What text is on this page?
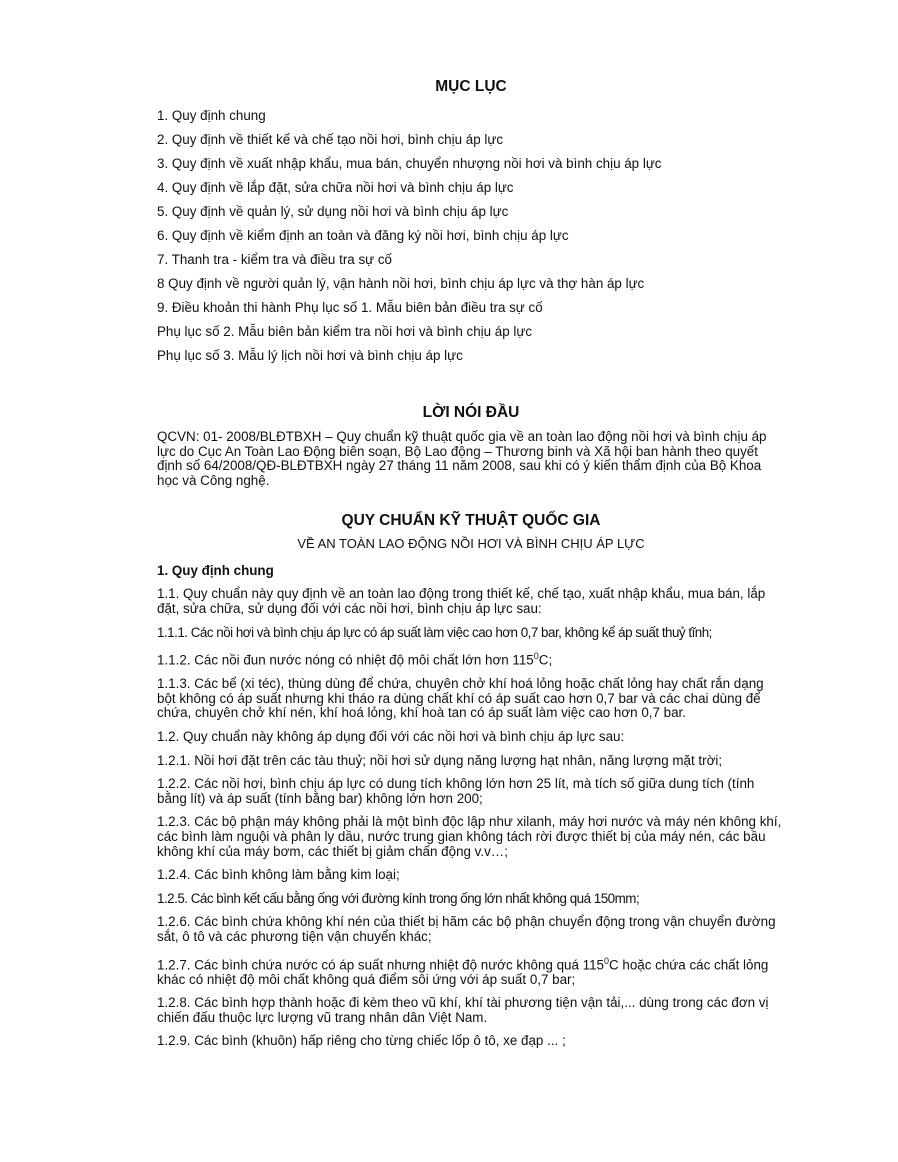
MỤC LỤC
1. Quy định chung
2. Quy định về thiết kế và chế tạo nồi hơi, bình chịu áp lực
3. Quy định về xuất nhập khẩu, mua bán, chuyển nhượng nồi hơi và bình chịu áp lực
4. Quy định về lắp đặt, sửa chữa nồi hơi và bình chịu áp lực
5. Quy định về quản lý, sử dụng nồi hơi và bình chịu áp lực
6. Quy định về kiểm định an toàn và đăng ký nồi hơi, bình chịu áp lực
7. Thanh tra - kiểm tra và điều tra sự cố
8 Quy định về người quản lý, vận hành nồi hơi, bình chịu áp lực và thợ hàn áp lực
9. Điều khoản thi hành Phụ lục số 1. Mẫu biên bản điều tra sự cố
Phụ lục số 2. Mẫu biên bản kiểm tra nồi hơi và bình chịu áp lực
Phụ lục số 3. Mẫu lý lịch nồi hơi và bình chịu áp lực
LỜI NÓI ĐẦU

QCVN: 01- 2008/BLĐTBXH – Quy chuẩn kỹ thuật quốc gia về an toàn lao động nồi hơi và bình chịu áp lực do Cục An Toàn Lao Động biên soạn, Bộ Lao động – Thương binh và Xã hội ban hành theo quyết định số 64/2008/QĐ-BLĐTBXH ngày 27 tháng 11 năm 2008, sau khi có ý kiến thẩm định của Bộ Khoa học và Công nghệ.

QUY CHUẨN KỸ THUẬT QUỐC GIA
VỀ AN TOÀN LAO ĐỘNG NỒI HƠI VÀ BÌNH CHỊU ÁP LỰC
1. Quy định chung

1.1. Quy chuẩn này quy định về an toàn lao động trong thiết kế, chế tạo, xuất nhập khẩu, mua bán, lắp đặt, sửa chữa, sử dụng đối với các nồi hơi, bình chịu áp lực sau:

1.1.1. Các nồi hơi và bình chịu áp lực có áp suất làm việc cao hơn 0,7 bar, không kể áp suất thuỷ tĩnh;

1.1.2. Các nồi đun nước nóng có nhiệt độ môi chất lớn hơn $115^0C$;

1.1.3. Các bể (xi téc), thùng dùng để chứa, chuyên chở khí hoá lỏng hoặc chất lỏng hay chất rắn dạng bột không có áp suất nhưng khi tháo ra dùng chất khí có áp suất cao hơn 0,7 bar và các chai dùng để chứa, chuyên chở khí nén, khí hoá lỏng, khí hoà tan có áp suất làm việc cao hơn 0,7 bar.

1.2. Quy chuẩn này không áp dụng đối với các nồi hơi và bình chịu áp lực sau:

1.2.1. Nồi hơi đặt trên các tàu thuỷ; nồi hơi sử dụng năng lượng hạt nhân, năng lượng mặt trời;

1.2.2. Các nồi hơi, bình chịu áp lực có dung tích không lớn hơn 25 lít, mà tích số giữa dung tích (tính bằng lít) và áp suất (tính bằng bar) không lớn hơn 200;

1.2.3. Các bộ phận máy không phải là một bình độc lập như xilanh, máy hơi nước và máy nén không khí, các bình làm nguội và phân ly dầu, nước trung gian không tách rời được thiết bị của máy nén, các bầu không khí của máy bơm, các thiết bị giảm chấn động v.v…;

1.2.4. Các bình không làm bằng kim loại;

1.2.5. Các bình kết cấu bằng ống với đường kính trong ống lớn nhất không quá 150mm;

1.2.6. Các bình chứa không khí nén của thiết bị hãm các bộ phận chuyển động trong vận chuyển đường sắt, ô tô và các phương tiện vận chuyển khác;

1.2.7. Các bình chứa nước có áp suất nhưng nhiệt độ nước không quá $115^0C$ hoặc chứa các chất lỏng khác có nhiệt độ môi chất không quá điểm sôi ứng với áp suất 0,7 bar;

1.2.8. Các bình hợp thành hoặc đi kèm theo vũ khí, khí tài phương tiện vận tải,... dùng trong các đơn vị chiến đấu thuộc lực lượng vũ trang nhân dân Việt Nam.

1.2.9. Các bình (khuôn) hấp riêng cho từng chiếc lốp ô tô, xe đạp ... ;
